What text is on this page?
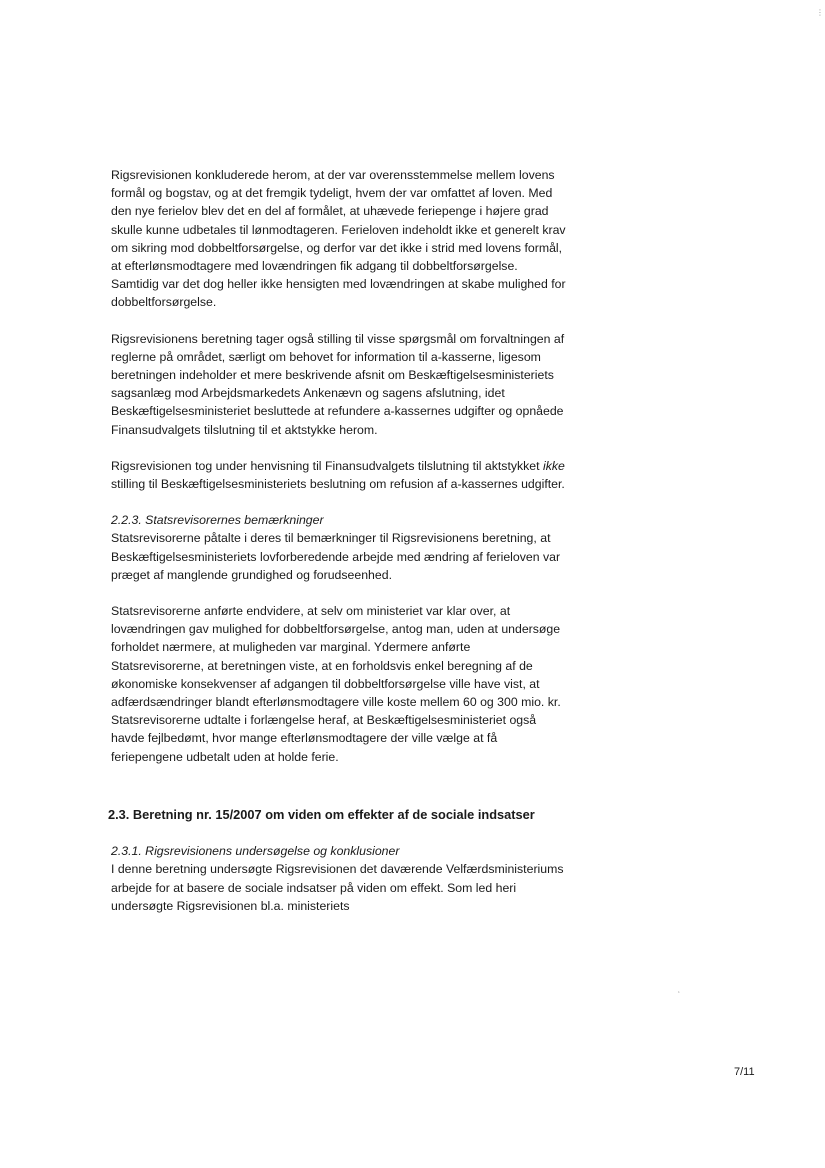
Rigsrevisionen konkluderede herom, at der var overensstemmelse mellem lovens formål og bogstav, og at det fremgik tydeligt, hvem der var omfattet af loven. Med den nye ferielov blev det en del af formålet, at uhævede feriepenge i højere grad skulle kunne udbetales til lønmodtageren. Ferieloven indeholdt ikke et generelt krav om sikring mod dobbeltforsørgelse, og derfor var det ikke i strid med lovens formål, at efterlønsmodtagere med lovændringen fik adgang til dobbeltforsørgelse. Samtidig var det dog heller ikke hensigten med lovændringen at skabe mulighed for dobbeltforsørgelse.

Rigsrevisionens beretning tager også stilling til visse spørgsmål om forvaltningen af reglerne på området, særligt om behovet for information til a-kasserne, ligesom beretningen indeholder et mere beskrivende afsnit om Beskæftigelsesministeriets sagsanlæg mod Arbejdsmarkedets Ankenævn og sagens afslutning, idet Beskæftigelsesministeriet besluttede at refundere a-kassernes udgifter og opnåede Finansudvalgets tilslutning til et aktstykke herom.

Rigsrevisionen tog under henvisning til Finansudvalgets tilslutning til aktstykket ikke stilling til Beskæftigelsesministeriets beslutning om refusion af a-kassernes udgifter.

2.2.3. Statsrevisorernes bemærkninger

Statsrevisorerne påtalte i deres til bemærkninger til Rigsrevisionens beretning, at Beskæftigelsesministeriets lovforberedende arbejde med ændring af ferieloven var præget af manglende grundighed og forudseenhed.

Statsrevisorerne anførte endvidere, at selv om ministeriet var klar over, at lovændringen gav mulighed for dobbeltforsørgelse, antog man, uden at undersøge forholdet nærmere, at muligheden var marginal. Ydermere anførte Statsrevisorerne, at beretningen viste, at en forholdsvis enkel beregning af de økonomiske konsekvenser af adgangen til dobbeltforsørgelse ville have vist, at adfærdsændringer blandt efterlønsmodtagere ville koste mellem 60 og 300 mio. kr. Statsrevisorerne udtalte i forlængelse heraf, at Beskæftigelsesministeriet også havde fejlbedømt, hvor mange efterlønsmodtagere der ville vælge at få feriepengene udbetalt uden at holde ferie.

2.3. Beretning nr. 15/2007 om viden om effekter af de sociale indsatser

2.3.1. Rigsrevisionens undersøgelse og konklusioner

I denne beretning undersøgte Rigsrevisionen det daværende Velfærdsministeriums arbejde for at basere de sociale indsatser på viden om effekt. Som led heri undersøgte Rigsrevisionen bl.a. ministeriets

‘
⋮
7/11
